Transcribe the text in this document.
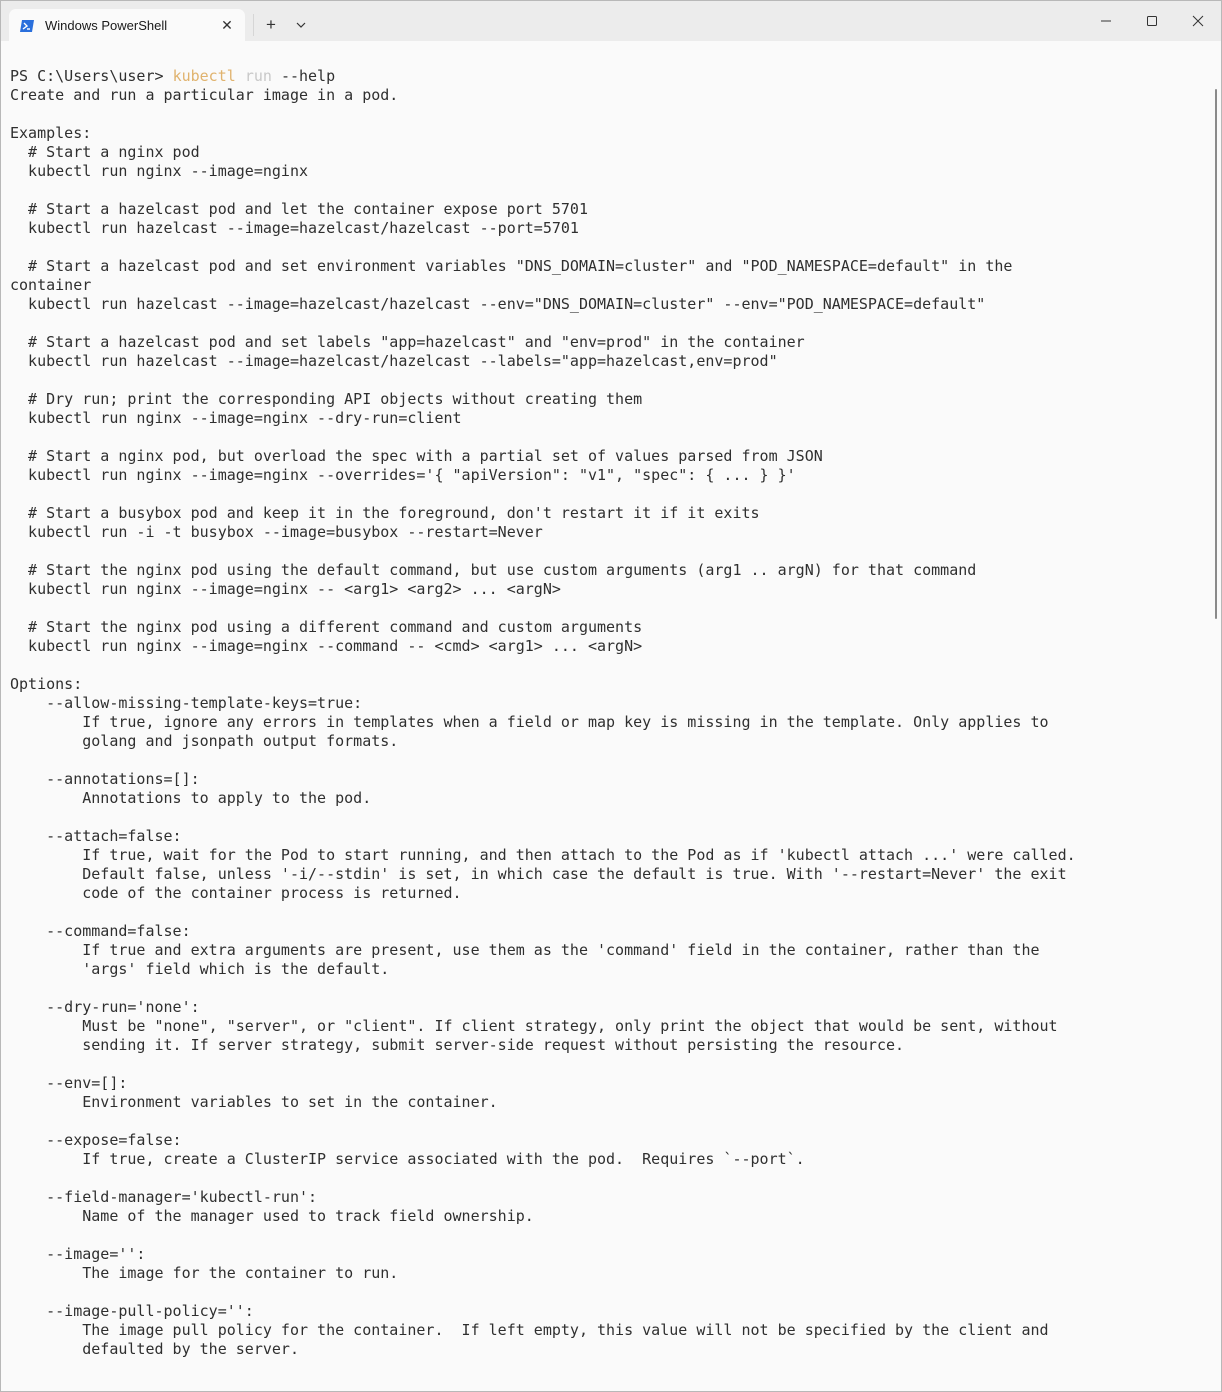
Windows PowerShell	✕	+
PS C:\Users\user> kubectl run --help
Create and run a particular image in a pod.
Examples:
# Start a nginx pod
kubectl run nginx --image=nginx
# Start a hazelcast pod and let the container expose port 5701
kubectl run hazelcast --image=hazelcast/hazelcast --port=5701
# Start a hazelcast pod and set environment variables "DNS_DOMAIN=cluster" and "POD_NAMESPACE=default" in the
container
kubectl run hazelcast --image=hazelcast/hazelcast --env="DNS_DOMAIN=cluster" --env="POD_NAMESPACE=default"
# Start a hazelcast pod and set labels "app=hazelcast" and "env=prod" in the container
kubectl run hazelcast --image=hazelcast/hazelcast --labels="app=hazelcast,env=prod"
# Dry run; print the corresponding API objects without creating them
kubectl run nginx --image=nginx --dry-run=client
# Start a nginx pod, but overload the spec with a partial set of values parsed from JSON
kubectl run nginx --image=nginx --overrides='{ "apiVersion": "v1", "spec": { ... } }'
# Start a busybox pod and keep it in the foreground, don't restart it if it exits
kubectl run -i -t busybox --image=busybox --restart=Never
# Start the nginx pod using the default command, but use custom arguments (arg1 .. argN) for that command
kubectl run nginx --image=nginx -- <arg1> <arg2> ... <argN>
# Start the nginx pod using a different command and custom arguments
kubectl run nginx --image=nginx --command -- <cmd> <arg1> ... <argN>
Options:
--allow-missing-template-keys=true:
If true, ignore any errors in templates when a field or map key is missing in the template. Only applies to
golang and jsonpath output formats.
--annotations=[]:
Annotations to apply to the pod.
--attach=false:
If true, wait for the Pod to start running, and then attach to the Pod as if 'kubectl attach ...' were called.
Default false, unless '-i/--stdin' is set, in which case the default is true. With '--restart=Never' the exit
code of the container process is returned.
--command=false:
If true and extra arguments are present, use them as the 'command' field in the container, rather than the
'args' field which is the default.
--dry-run='none':
Must be "none", "server", or "client". If client strategy, only print the object that would be sent, without
sending it. If server strategy, submit server-side request without persisting the resource.
--env=[]:
Environment variables to set in the container.
--expose=false:
If true, create a ClusterIP service associated with the pod.  Requires `--port`.
--field-manager='kubectl-run':
Name of the manager used to track field ownership.
--image='':
The image for the container to run.
--image-pull-policy='':
The image pull policy for the container.  If left empty, this value will not be specified by the client and
defaulted by the server.
